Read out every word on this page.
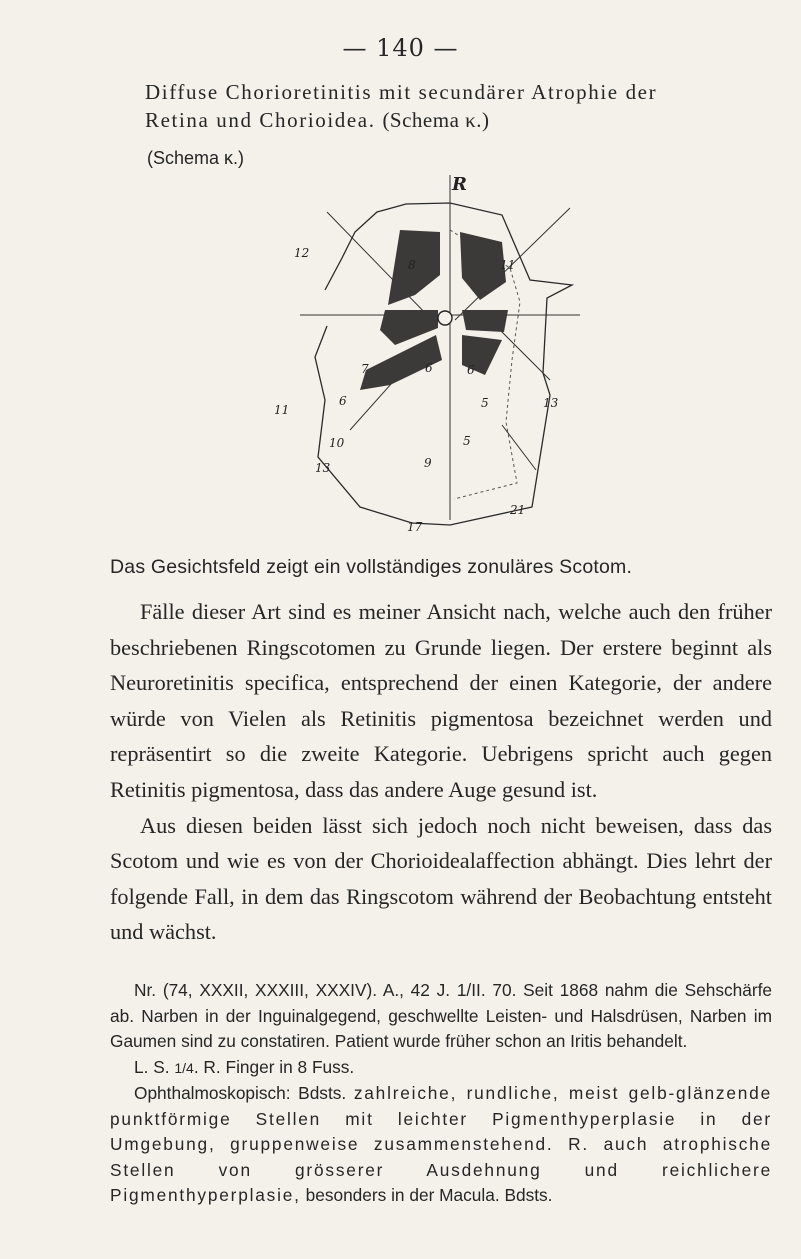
— 140 —
Diffuse Chorioretinitis mit secundärer Atrophie der
Retina und Chorioidea. (Schema κ.)
(Schema κ.)
R
12
8	11
7
6
6	6
5	13
11
10	5
9
13
17
21
Das Gesichtsfeld zeigt ein vollständiges zonuläres Scotom.

Fälle dieser Art sind es meiner Ansicht nach, welche auch den früher beschriebenen Ringscotomen zu Grunde liegen. Der erstere beginnt als Neuroretinitis specifica, entsprechend der einen Kategorie, der andere würde von Vielen als Retinitis pigmentosa bezeichnet werden und repräsentirt so die zweite Kategorie. Uebrigens spricht auch gegen Retinitis pigmentosa, dass das andere Auge gesund ist.

Aus diesen beiden lässt sich jedoch noch nicht beweisen, dass das Scotom und wie es von der Chorioidealaffection abhängt. Dies lehrt der folgende Fall, in dem das Ringscotom während der Beobachtung entsteht und wächst.

Nr. (74, XXXII, XXXIII, XXXIV). A., 42 J. 1/II. 70. Seit 1868 nahm die Sehschärfe ab. Narben in der Inguinalgegend, geschwellte Leisten- und Halsdrüsen, Narben im Gaumen sind zu constatiren. Patient wurde früher schon an Iritis behandelt.

L. S. 1/4. R. Finger in 8 Fuss.

Ophthalmoskopisch: Bdsts. zahlreiche, rundliche, meist gelb-glänzende punktförmige Stellen mit leichter Pigmenthyperplasie in der Umgebung, gruppenweise zusammenstehend. R. auch atrophische Stellen von grösserer Ausdehnung und reichlichere Pigmenthyperplasie, besonders in der Macula. Bdsts.
